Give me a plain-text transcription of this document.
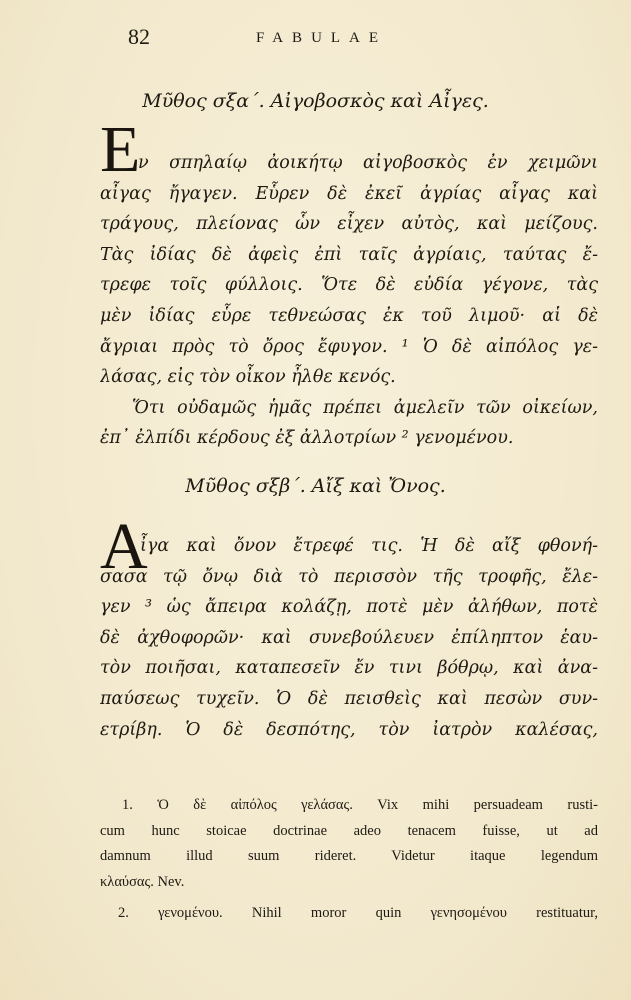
82	FABULAE
Μῦθος σξα΄. Αἰγοβοσκὸς καὶ Αἶγες.
Ε
ν σπηλαίῳ ἀοικήτῳ αἰγοβοσκὸς ἐν χειμῶνι
αἶγας ἤγαγεν. Εὗρεν δὲ ἐκεῖ ἀγρίας αἶγας καὶ
τράγους, πλείονας ὧν εἶχεν αὐτὸς, καὶ μείζους.
Τὰς ἰδίας δὲ ἀφεὶς ἐπὶ ταῖς ἀγρίαις, ταύτας ἔ-
τρεφε τοῖς φύλλοις. Ὅτε δὲ εὐδία γέγονε, τὰς
μὲν ἰδίας εὗρε τεθνεώσας ἐκ τοῦ λιμοῦ· αἱ δὲ
ἄγριαι πρὸς τὸ ὄρος ἔφυγον. ¹ Ὁ δὲ αἰπόλος γε-
λάσας, εἰς τὸν οἶκον ἦλθε κενός.
Ὅτι οὐδαμῶς ἡμᾶς πρέπει ἀμελεῖν τῶν οἰκείων,
ἐπ᾽ ἐλπίδι κέρδους ἐξ ἀλλοτρίων ² γενομένου.
Μῦθος σξβ΄. Αἴξ καὶ Ὄνος.
Α
ἶγα καὶ ὄνον ἔτρεφέ τις. Ἡ δὲ αἴξ φθονή-
σασα τῷ ὄνῳ διὰ τὸ περισσὸν τῆς τροφῆς, ἔλε-
γεν ³ ὡς ἄπειρα κολάζῃ, ποτὲ μὲν ἀλήθων, ποτὲ
δὲ ἀχθοφορῶν· καὶ συνεβούλευεν ἐπίληπτον ἑαυ-
τὸν ποιῆσαι, καταπεσεῖν ἔν τινι βόθρῳ, καὶ ἀνα-
παύσεως τυχεῖν. Ὁ δὲ πεισθεὶς καὶ πεσὼν συν-
ετρίβη. Ὁ δὲ δεσπότης, τὸν ἰατρὸν καλέσας,
1. Ὁ δὲ αἰπόλος γελάσας. Vix mihi persuadeam rusti-
cum hunc stoicae doctrinae adeo tenacem fuisse, ut ad
damnum illud suum rideret. Videtur itaque legendum
κλαύσας. Nev.
2. γενομένου. Nihil moror quin γενησομένου restituatur,
